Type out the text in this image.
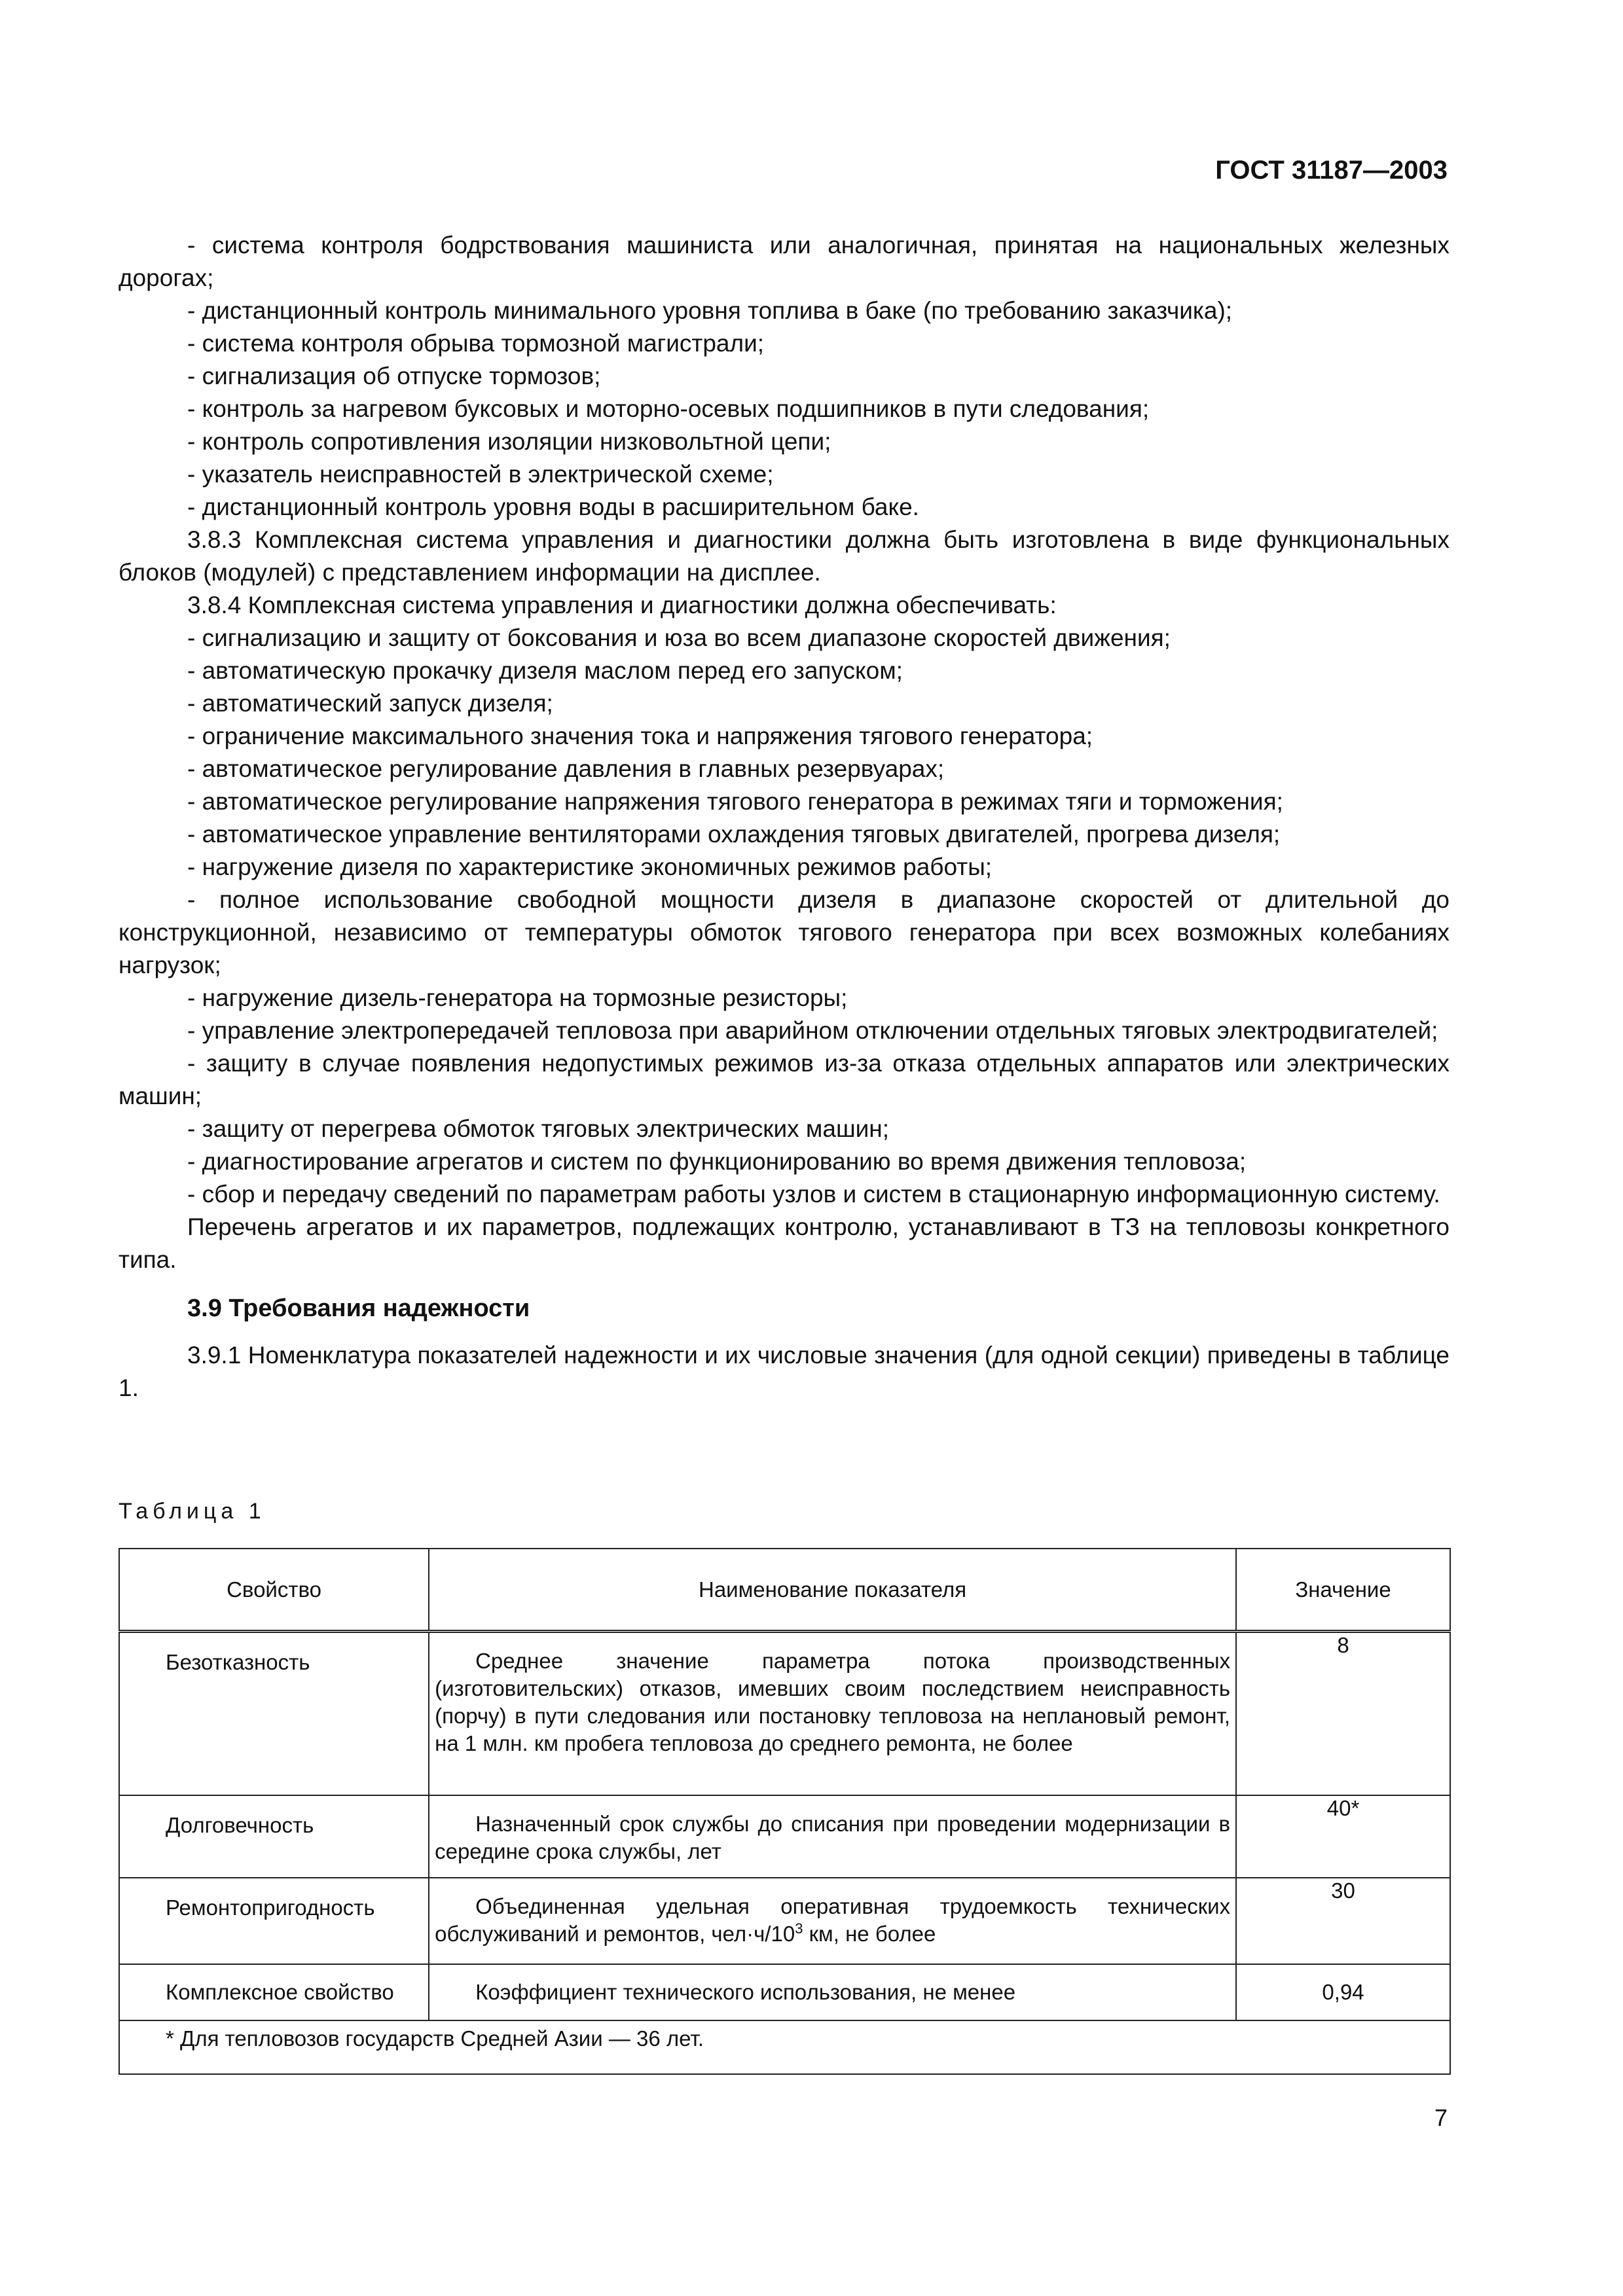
ГОСТ 31187—2003

- система контроля бодрствования машиниста или аналогичная, принятая на национальных железных дорогах;

- дистанционный контроль минимального уровня топлива в баке (по требованию заказчика);

- система контроля обрыва тормозной магистрали;

- сигнализация об отпуске тормозов;

- контроль за нагревом буксовых и моторно-осевых подшипников в пути следования;

- контроль сопротивления изоляции низковольтной цепи;

- указатель неисправностей в электрической схеме;

- дистанционный контроль уровня воды в расширительном баке.

3.8.3 Комплексная система управления и диагностики должна быть изготовлена в виде функциональных блоков (модулей) с представлением информации на дисплее.

3.8.4 Комплексная система управления и диагностики должна обеспечивать:

- сигнализацию и защиту от боксования и юза во всем диапазоне скоростей движения;

- автоматическую прокачку дизеля маслом перед его запуском;

- автоматический запуск дизеля;

- ограничение максимального значения тока и напряжения тягового генератора;

- автоматическое регулирование давления в главных резервуарах;

- автоматическое регулирование напряжения тягового генератора в режимах тяги и торможения;

- автоматическое управление вентиляторами охлаждения тяговых двигателей, прогрева дизеля;

- нагружение дизеля по характеристике экономичных режимов работы;

- полное использование свободной мощности дизеля в диапазоне скоростей от длительной до конструкционной, независимо от температуры обмоток тягового генератора при всех возможных колебаниях нагрузок;

- нагружение дизель-генератора на тормозные резисторы;

- управление электропередачей тепловоза при аварийном отключении отдельных тяговых электродвигателей;

- защиту в случае появления недопустимых режимов из-за отказа отдельных аппаратов или электрических машин;

- защиту от перегрева обмоток тяговых электрических машин;

- диагностирование агрегатов и систем по функционированию во время движения тепловоза;

- сбор и передачу сведений по параметрам работы узлов и систем в стационарную информационную систему.

Перечень агрегатов и их параметров, подлежащих контролю, устанавливают в ТЗ на тепловозы конкретного типа.

3.9 Требования надежности

3.9.1 Номенклатура показателей надежности и их числовые значения (для одной секции) приведены в таблице 1.

Таблица 1
Свойство	Наименование показателя	Значение
Безотказность	Среднее значение параметра потока производственных (изготовительских) отказов, имевших своим последствием неисправность (порчу) в пути следования или постановку тепловоза на неплановый ремонт, на 1 млн. км пробега тепловоза до среднего ремонта, не более	8
Долговечность	Назначенный срок службы до списания при проведении модернизации в середине срока службы, лет	40*
Ремонтопригодность	Объединенная удельная оперативная трудоемкость технических обслуживаний и ремонтов, $чел\cdot ч/10^3$ км, не более	30
Комплексное свойство	Коэффициент технического использования, не менее	0,94
* Для тепловозов государств Средней Азии — 36 лет.		
7
